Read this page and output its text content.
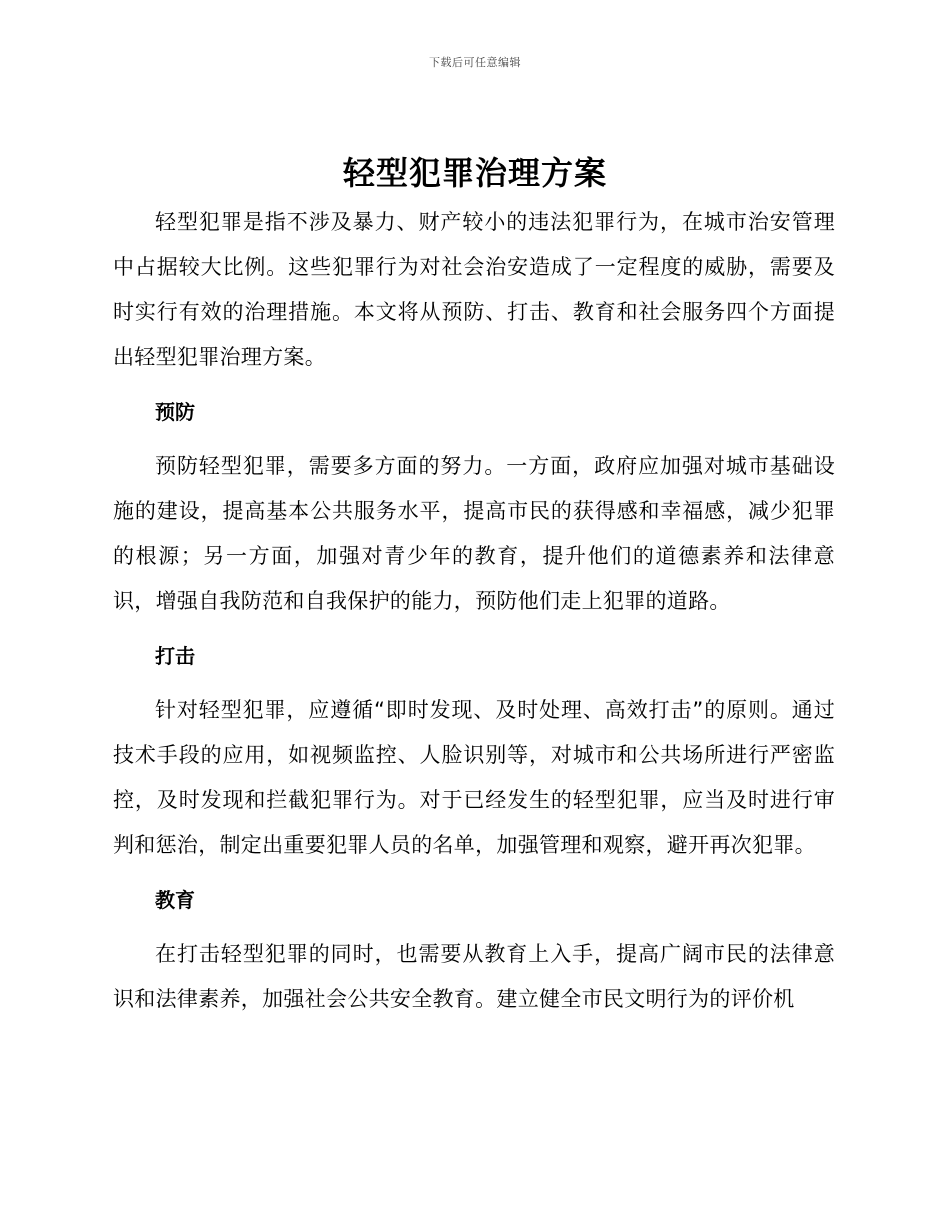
下载后可任意编辑
轻型犯罪治理方案

轻型犯罪是指不涉及暴力、财产较小的违法犯罪行为，在城市治安管理中占据较大比例。这些犯罪行为对社会治安造成了一定程度的威胁，需要及时实行有效的治理措施。本文将从预防、打击、教育和社会服务四个方面提出轻型犯罪治理方案。

预防

预防轻型犯罪，需要多方面的努力。一方面，政府应加强对城市基础设施的建设，提高基本公共服务水平，提高市民的获得感和幸福感，减少犯罪的根源；另一方面，加强对青少年的教育，提升他们的道德素养和法律意识，增强自我防范和自我保护的能力，预防他们走上犯罪的道路。

打击

针对轻型犯罪，应遵循“即时发现、及时处理、高效打击”的原则。通过技术手段的应用，如视频监控、人脸识别等，对城市和公共场所进行严密监控，及时发现和拦截犯罪行为。对于已经发生的轻型犯罪，应当及时进行审判和惩治，制定出重要犯罪人员的名单，加强管理和观察，避开再次犯罪。

教育

在打击轻型犯罪的同时，也需要从教育上入手，提高广阔市民的法律意识和法律素养，加强社会公共安全教育。建立健全市民文明行为的评价机
